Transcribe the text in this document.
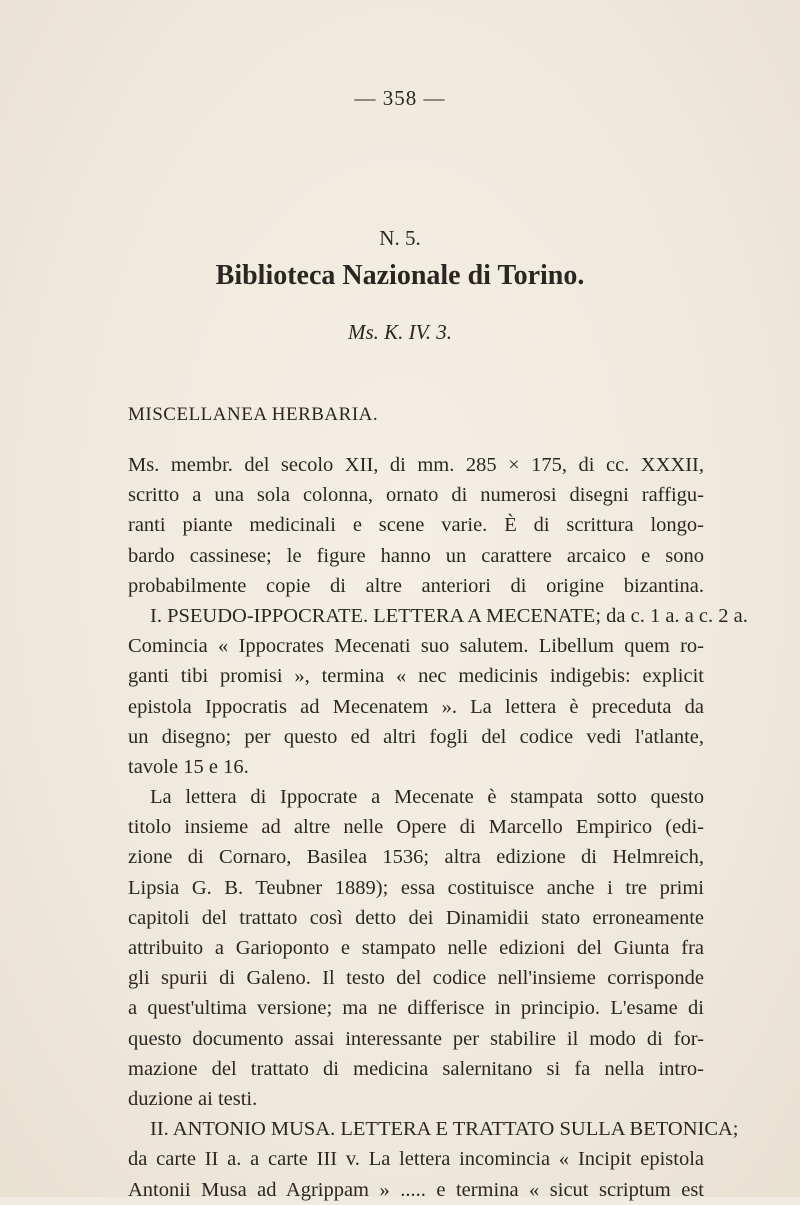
— 358 —
N. 5.
Biblioteca Nazionale di Torino.
Ms. K. IV. 3.
MISCELLANEA HERBARIA.
Ms. membr. del secolo XII, di mm. 285 × 175, di cc. XXXII,
scritto a una sola colonna, ornato di numerosi disegni raffigu-
ranti piante medicinali e scene varie. È di scrittura longo-
bardo cassinese; le figure hanno un carattere arcaico e sono
probabilmente copie di altre anteriori di origine bizantina.
I. PSEUDO-IPPOCRATE. LETTERA A MECENATE; da c. 1 a. a c. 2 a.
Comincia « Ippocrates Mecenati suo salutem. Libellum quem ro-
ganti tibi promisi », termina « nec medicinis indigebis: explicit
epistola Ippocratis ad Mecenatem ». La lettera è preceduta da
un disegno; per questo ed altri fogli del codice vedi l'atlante,
tavole 15 e 16.
La lettera di Ippocrate a Mecenate è stampata sotto questo
titolo insieme ad altre nelle Opere di Marcello Empirico (edi-
zione di Cornaro, Basilea 1536; altra edizione di Helmreich,
Lipsia G. B. Teubner 1889); essa costituisce anche i tre primi
capitoli del trattato così detto dei Dinamidii stato erroneamente
attribuito a Garioponto e stampato nelle edizioni del Giunta fra
gli spurii di Galeno. Il testo del codice nell'insieme corrisponde
a quest'ultima versione; ma ne differisce in principio. L'esame di
questo documento assai interessante per stabilire il modo di for-
mazione del trattato di medicina salernitano si fa nella intro-
duzione ai testi.
II. ANTONIO MUSA. LETTERA E TRATTATO SULLA BETONICA;
da carte II a. a carte III v. La lettera incomincia « Incipit epistola
Antonii Musa ad Agrippam » ..... e termina « sicut scriptum est
